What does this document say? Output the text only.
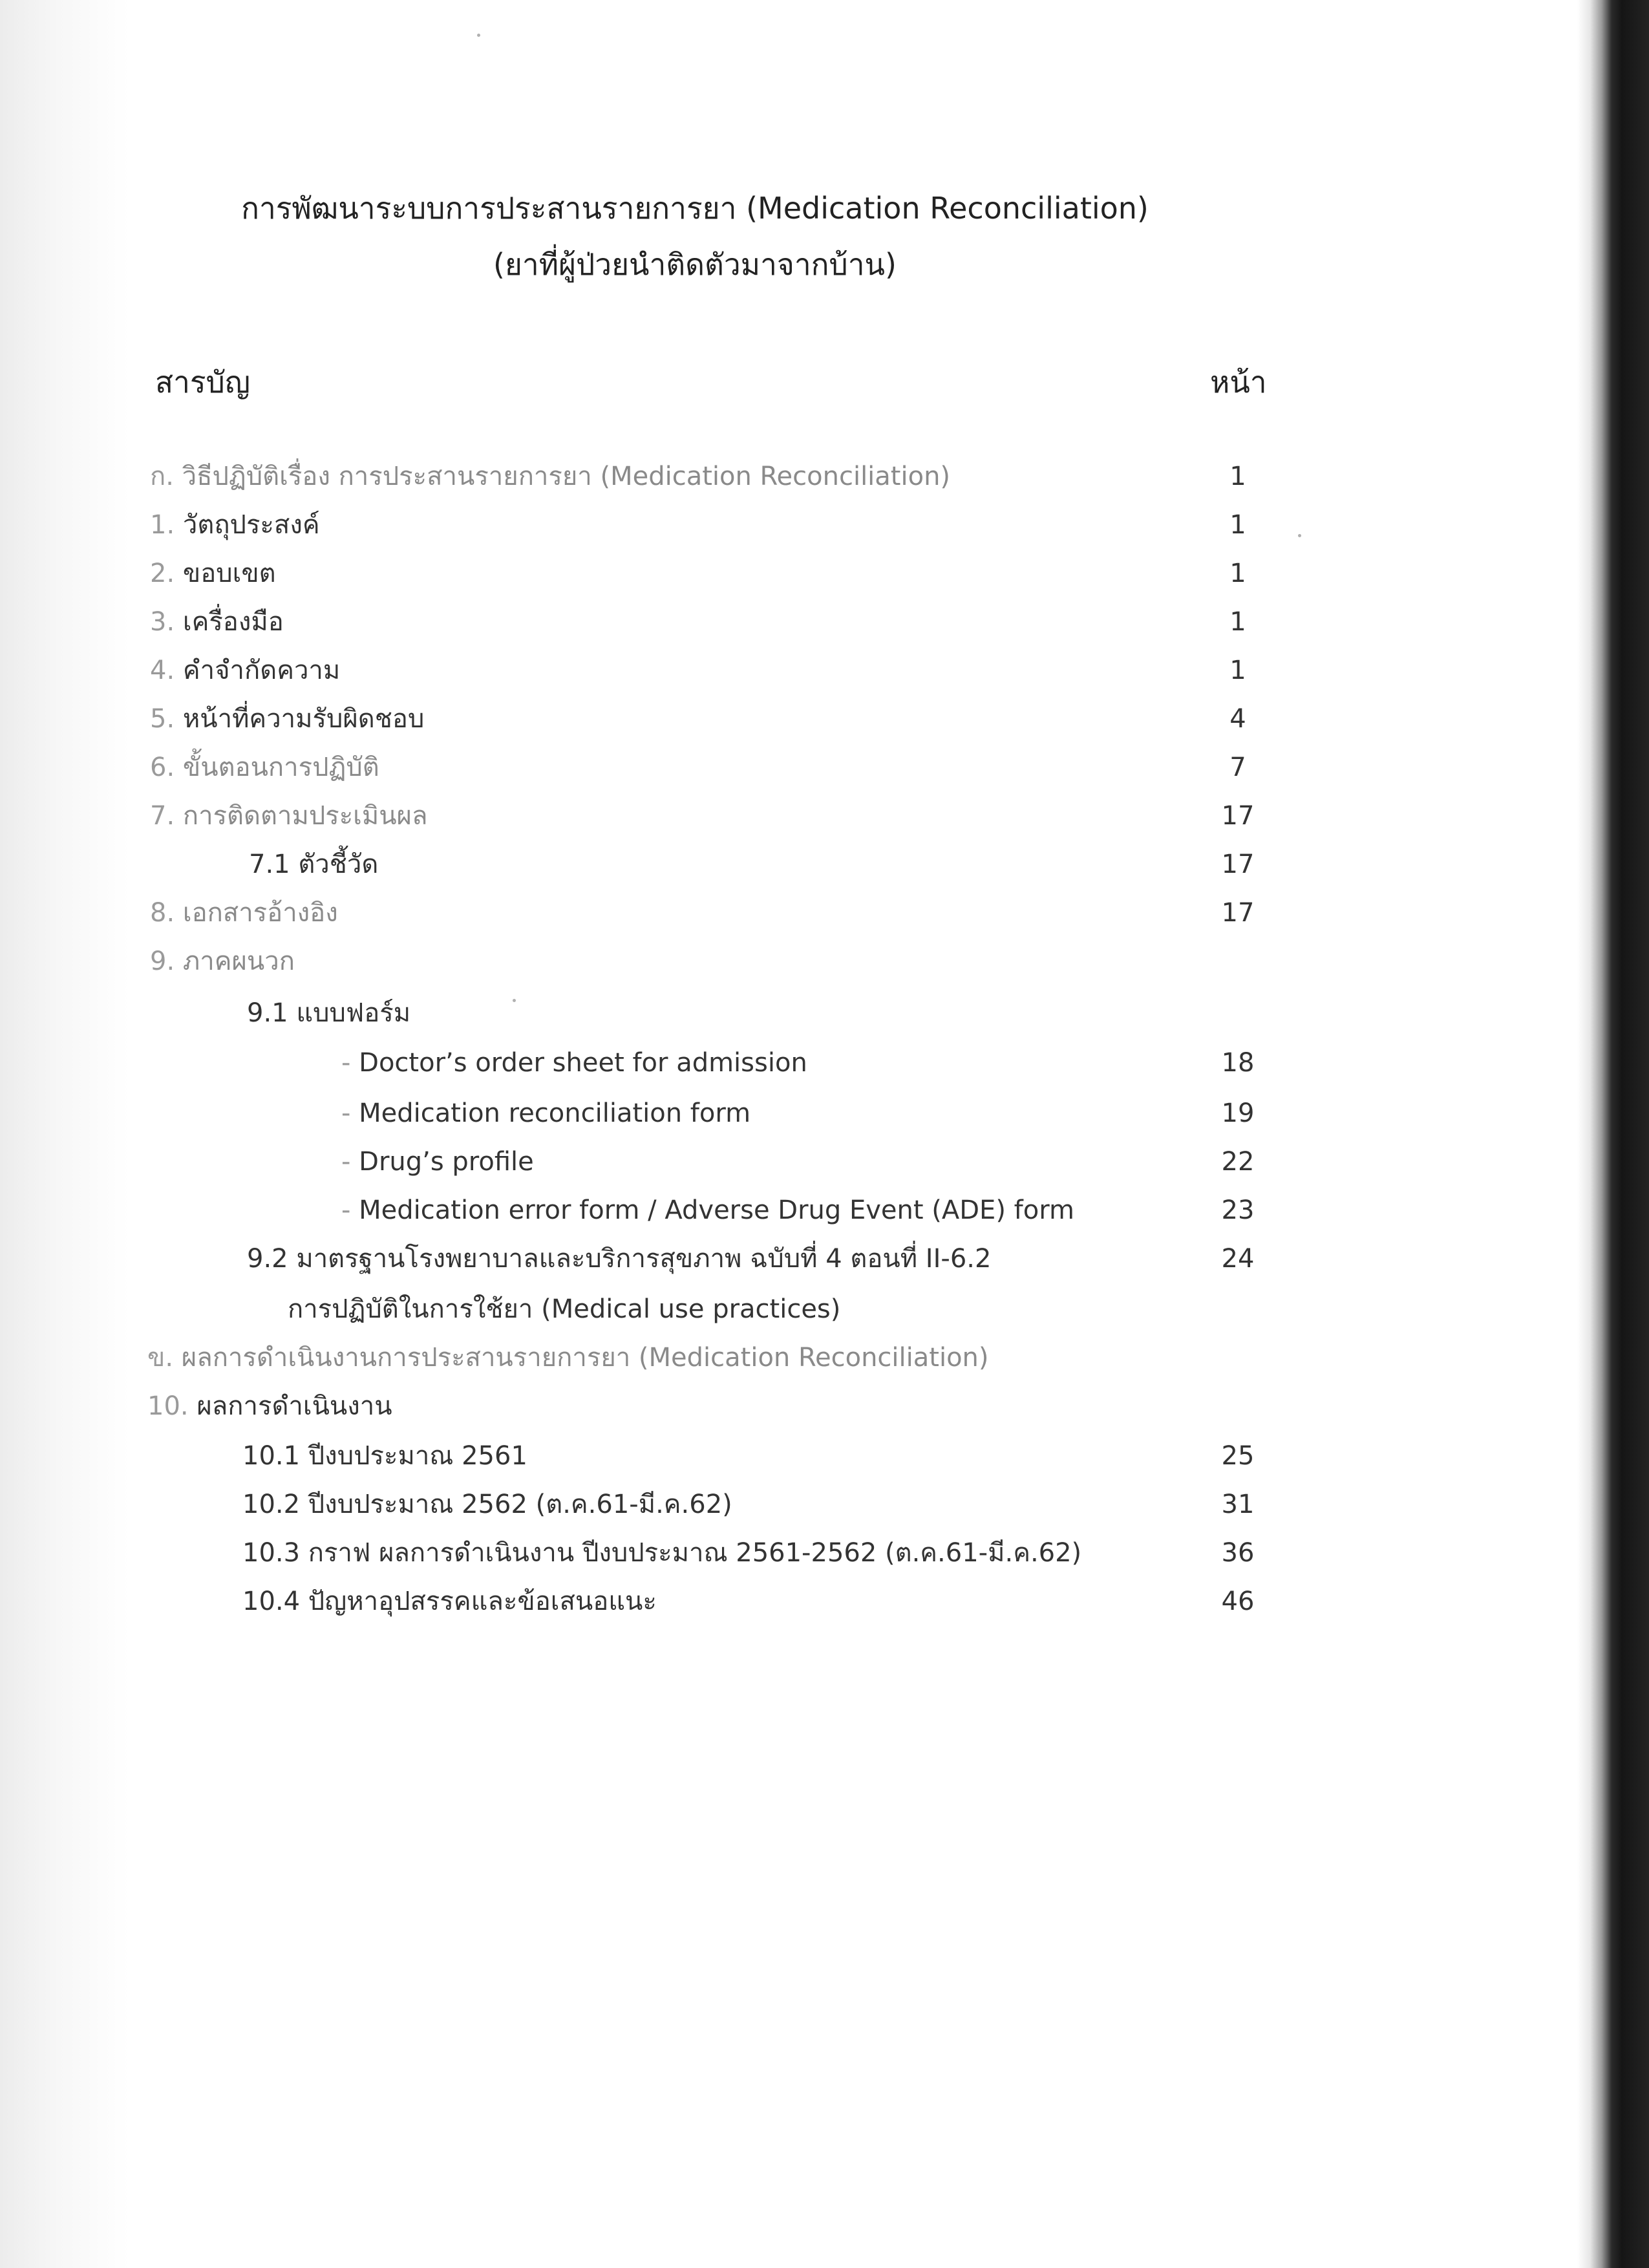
การพัฒนาระบบการประสานรายการยา (Medication Reconciliation)
(ยาที่ผู้ป่วยนำติดตัวมาจากบ้าน)
สารบัญ	หน้า
ก. วิธีปฏิบัติเรื่อง การประสานรายการยา (Medication Reconciliation)	1
1. วัตถุประสงค์	1
2. ขอบเขต	1
3. เครื่องมือ	1
4. คำจำกัดความ	1
5. หน้าที่ความรับผิดชอบ	4
6. ขั้นตอนการปฏิบัติ	7
7. การติดตามประเมินผล	17
7.1 ตัวชี้วัด	17
8. เอกสารอ้างอิง	17
9. ภาคผนวก
9.1 แบบฟอร์ม
- Doctor’s order sheet for admission	18
- Medication reconciliation form	19
- Drug’s profile	22
- Medication error form / Adverse Drug Event (ADE) form	23
9.2 มาตรฐานโรงพยาบาลและบริการสุขภาพ ฉบับที่ 4 ตอนที่ II-6.2	24
การปฏิบัติในการใช้ยา (Medical use practices)
ข. ผลการดำเนินงานการประสานรายการยา (Medication Reconciliation)
10. ผลการดำเนินงาน
10.1 ปีงบประมาณ 2561	25
10.2 ปีงบประมาณ 2562 (ต.ค.61-มี.ค.62)	31
10.3 กราฟ ผลการดำเนินงาน ปีงบประมาณ 2561-2562 (ต.ค.61-มี.ค.62)	36
10.4 ปัญหาอุปสรรคและข้อเสนอแนะ	46
